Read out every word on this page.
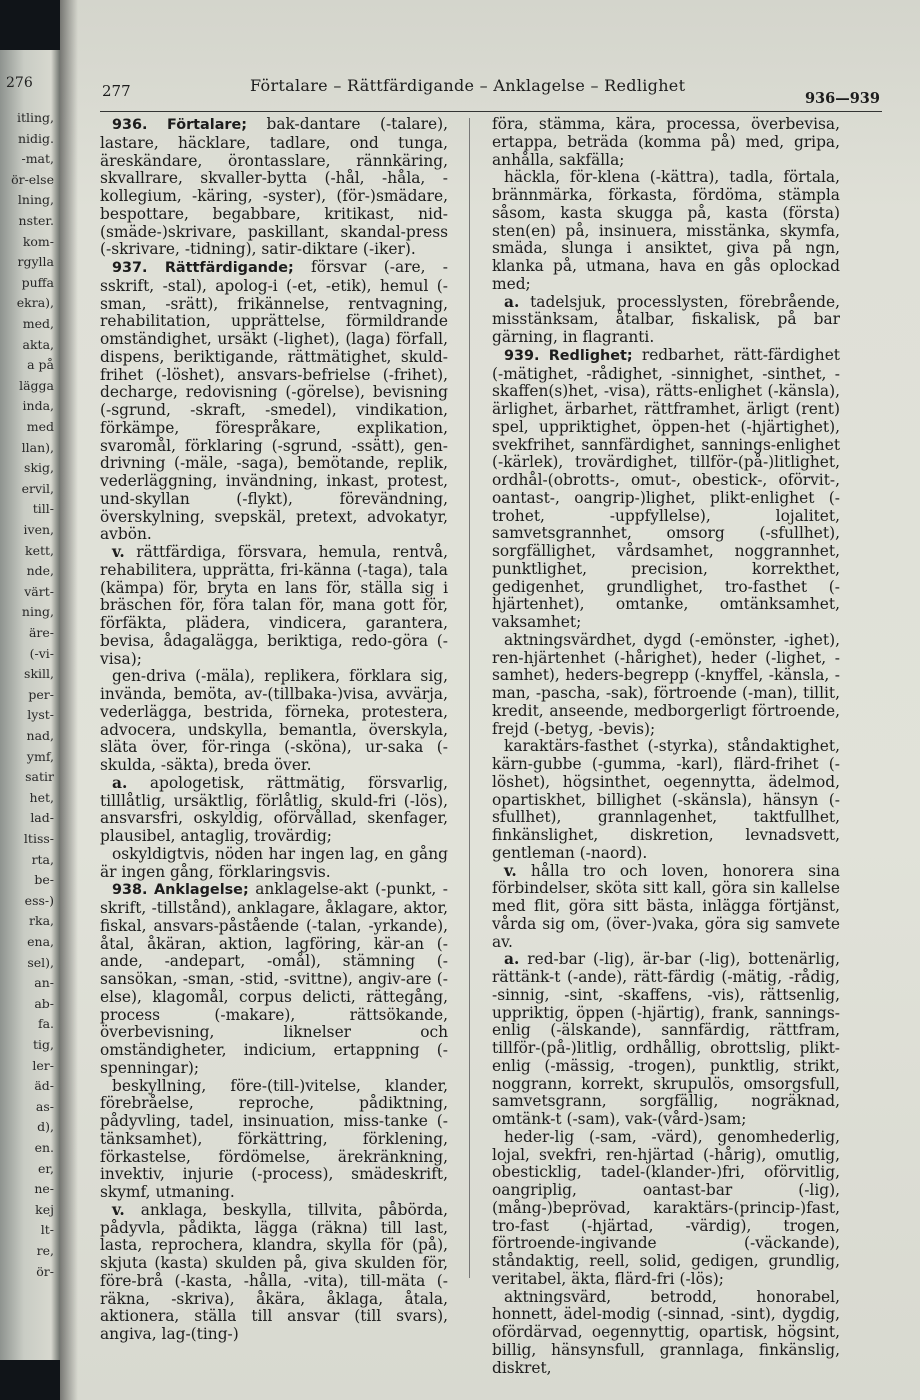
276
itling,
nidig.
-mat,
ör-else
lning,
nster.
kom-
rgylla
puffa
ekra),
med,
akta,
a på
lägga
inda,
med
llan),
skig,
ervil,
till-
iven,
kett,
nde,
värt-
ning,
äre-
(-vi-
skill,
per-
lyst-
nad,
ymf,
satir
het,
lad-
ltiss-
rta,
be-
ess-)
rka,
ena,
sel),
an-
ab-
fa.
tig,
ler-
äd-
as-
d),
en.
er,
ne-
kej
lt-
re,
ör-
277	Förtalare – Rättfärdigande – Anklagelse – Redlighet
936—939

936. Förtalare; bak-dantare (-talare), lastare, häcklare, tadlare, ond tunga, äreskändare, örontasslare, rännkäring, skvallrare, skvaller-bytta (-hål, -håla, -kollegium, -käring, -syster), (för-)smädare, bespottare, begabbare, kritikast, nid-(smäde-)skrivare, paskillant, skandal-press (-skrivare, -tidning), satir-diktare (-iker).

937. Rättfärdigande; försvar (-are, -sskrift, -stal), apolog-i (-et, -etik), hemul (-sman, -srätt), frikännelse, rentvagning, rehabilitation, upprättelse, förmildrande omständighet, ursäkt (-lighet), (laga) förfall, dispens, beriktigande, rättmätighet, skuld-frihet (-löshet), ansvars-befrielse (-frihet), decharge, redovisning (-görelse), bevisning (-sgrund, -skraft, -smedel), vindikation, förkämpe, förespråkare, explikation, svaromål, förklaring (-sgrund, -ssätt), gen-drivning (-mäle, -saga), bemötande, replik, vederläggning, invändning, inkast, protest, und-skyllan (-flykt), förevändning, överskylning, svepskäl, pretext, advokatyr, avbön.

v. rättfärdiga, försvara, hemula, rentvå, rehabilitera, upprätta, fri-känna (-taga), tala (kämpa) för, bryta en lans för, ställa sig i bräschen för, föra talan för, mana gott för, förfäkta, plädera, vindicera, garantera, bevisa, ådagalägga, beriktiga, redo-göra (-visa);

gen-driva (-mäla), replikera, förklara sig, invända, bemöta, av-(tillbaka-)visa, avvärja, vederlägga, bestrida, förneka, protestera, advocera, undskylla, bemantla, överskyla, släta över, för-ringa (-sköna), ur-saka (-skulda, -säkta), breda över.

a. apologetisk, rättmätig, försvarlig, tilllåtlig, ursäktlig, förlåtlig, skuld-fri (-lös), ansvarsfri, oskyldig, oförvållad, skenfager, plausibel, antaglig, trovärdig;

oskyldigtvis, nöden har ingen lag, en gång är ingen gång, förklaringsvis.

938. Anklagelse; anklagelse-akt (-punkt, -skrift, -tillstånd), anklagare, åklagare, aktor, fiskal, ansvars-påstående (-talan, -yrkande), åtal, åkäran, aktion, lagföring, kär-an (-ande, -andepart, -omål), stämning (-sansökan, -sman, -stid, -svittne), angiv-are (-else), klagomål, corpus delicti, rättegång, process (-makare), rättsökande, överbevisning, liknelser och omständigheter, indicium, ertappning (-spenningar);

beskyllning, före-(till-)vitelse, klander, förebråelse, reproche, pådiktning, pådyvling, tadel, insinuation, miss-tanke (-tänksamhet), förkättring, förklening, förkastelse, fördömelse, ärekränkning, invektiv, injurie (-process), smädeskrift, skymf, utmaning.

v. anklaga, beskylla, tillvita, påbörda, pådyvla, pådikta, lägga (räkna) till last, lasta, reprochera, klandra, skylla för (på), skjuta (kasta) skulden på, giva skulden för, före-brå (-kasta, -hålla, -vita), till-mäta (-räkna, -skriva), åkära, åklaga, åtala, aktionera, ställa till ansvar (till svars), angiva, lag-(ting-)

föra, stämma, kära, processa, överbevisa, ertappa, beträda (komma på) med, gripa, anhålla, sakfälla;

häckla, för-klena (-kättra), tadla, förtala, brännmärka, förkasta, fördöma, stämpla såsom, kasta skugga på, kasta (första) sten(en) på, insinuera, misstänka, skymfa, smäda, slunga i ansiktet, giva på ngn, klanka på, utmana, hava en gås oplockad med;

a. tadelsjuk, processlysten, förebrående, misstänksam, åtalbar, fiskalisk, på bar gärning, in flagranti.

939. Redlighet; redbarhet, rätt-färdighet (-mätighet, -rådighet, -sinnighet, -sinthet, -skaffen(s)het, -visa), rätts-enlighet (-känsla), ärlighet, ärbarhet, rättframhet, ärligt (rent) spel, uppriktighet, öppen-het (-hjärtighet), svekfrihet, sannfärdighet, sannings-enlighet (-kärlek), trovärdighet, tillför-(på-)litlighet, ordhål-(obrotts-, omut-, obestick-, oförvit-, oantast-, oangrip-)lighet, plikt-enlighet (-trohet, -uppfyllelse), lojalitet, samvetsgrannhet, omsorg (-sfullhet), sorgfällighet, vårdsamhet, noggrannhet, punktlighet, precision, korrekthet, gedigenhet, grundlighet, tro-fasthet (-hjärtenhet), omtanke, omtänksamhet, vaksamhet;

aktningsvärdhet, dygd (-emönster, -ighet), ren-hjärtenhet (-hårighet), heder (-lighet, -samhet), heders-begrepp (-knyffel, -känsla, -man, -pascha, -sak), förtroende (-man), tillit, kredit, anseende, medborgerligt förtroende, frejd (-betyg, -bevis);

karaktärs-fasthet (-styrka), ståndaktighet, kärn-gubbe (-gumma, -karl), flärd-frihet (-löshet), högsinthet, oegennytta, ädelmod, opartiskhet, billighet (-skänsla), hänsyn (-sfullhet), grannlagenhet, taktfullhet, finkänslighet, diskretion, levnadsvett, gentleman (-naord).

v. hålla tro och loven, honorera sina förbindelser, sköta sitt kall, göra sin kallelse med flit, göra sitt bästa, inlägga förtjänst, vårda sig om, (över-)vaka, göra sig samvete av.

a. red-bar (-lig), är-bar (-lig), bottenärlig, rättänk-t (-ande), rätt-färdig (-mätig, -rådig, -sinnig, -sint, -skaffens, -vis), rättsenlig, uppriktig, öppen (-hjärtig), frank, sannings-enlig (-älskande), sannfärdig, rättfram, tillför-(på-)litlig, ordhållig, obrottslig, plikt-enlig (-mässig, -trogen), punktlig, strikt, noggrann, korrekt, skrupulös, omsorgsfull, samvetsgrann, sorgfällig, nogräknad, omtänk-t (-sam), vak-(vård-)sam;

heder-lig (-sam, -värd), genomhederlig, lojal, svekfri, ren-hjärtad (-hårig), omutlig, obesticklig, tadel-(klander-)fri, oförvitlig, oangriplig, oantast-bar (-lig), (mång-)beprövad, karaktärs-(princip-)fast, tro-fast (-hjärtad, -värdig), trogen, förtroende-ingivande (-väckande), ståndaktig, reell, solid, gedigen, grundlig, veritabel, äkta, flärd-fri (-lös);

aktningsvärd, betrodd, honorabel, honnett, ädel-modig (-sinnad, -sint), dygdig, ofördärvad, oegennyttig, opartisk, högsint, billig, hänsynsfull, grannlaga, finkänslig, diskret,
